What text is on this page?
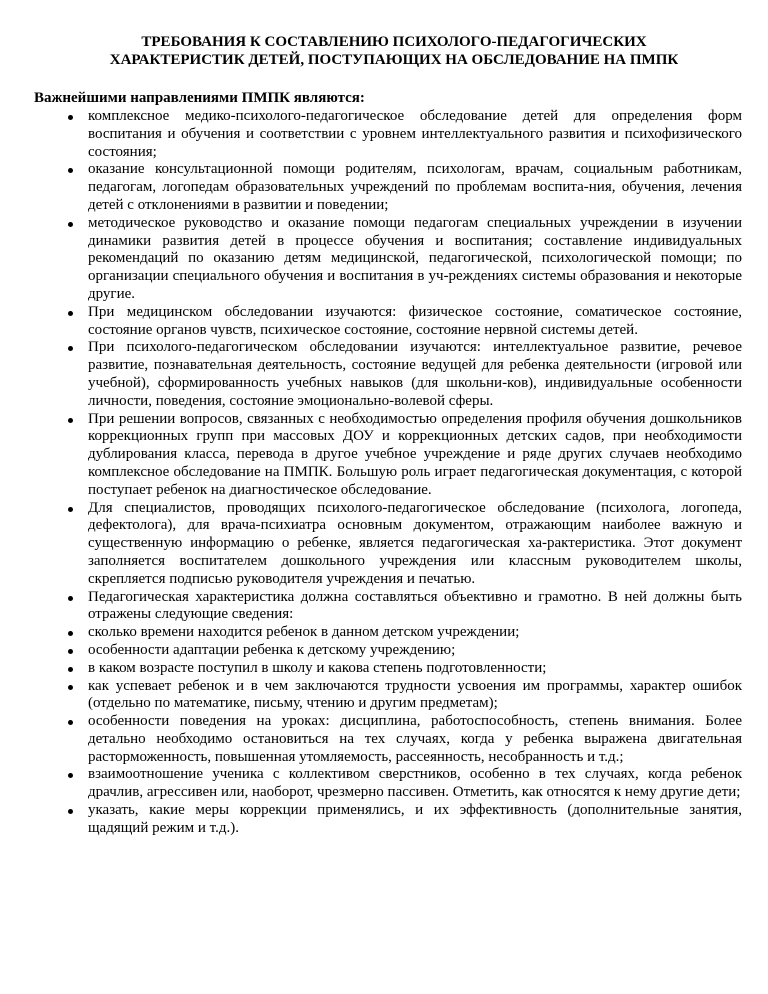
ТРЕБОВАНИЯ К СОСТАВЛЕНИЮ ПСИХОЛОГО-ПЕДАГОГИЧЕСКИХ
ХАРАКТЕРИСТИК ДЕТЕЙ, ПОСТУПАЮЩИХ НА ОБСЛЕДОВАНИЕ НА ПМПК
Важнейшими направлениями ПМПК являются:
комплексное медико-психолого-педагогическое обследование детей для определения форм воспитания и обучения и соответствии с уровнем интеллектуального развития и психофизического состояния;
оказание консультационной помощи родителям, психологам, врачам, социальным работникам, педагогам, логопедам образовательных учреждений по проблемам воспита-ния, обучения, лечения детей с отклонениями в развитии и поведении;
методическое руководство и оказание помощи педагогам специальных учреждении в изучении динамики развития детей в процессе обучения и воспитания; составление индивидуальных рекомендаций по оказанию детям медицинской, педагогической, психологической помощи; по организации специального обучения и воспитания в уч-реждениях системы образования и некоторые другие.
При медицинском обследовании изучаются: физическое состояние, соматическое состояние, состояние органов чувств, психическое состояние, состояние нервной системы детей.
При психолого-педагогическом обследовании изучаются: интеллектуальное развитие, речевое развитие, познавательная деятельность, состояние ведущей для ребенка деятельности (игровой или учебной), сформированность учебных навыков (для школьни-ков), индивидуальные особенности личности, поведения, состояние эмоционально-волевой сферы.
При решении вопросов, связанных с необходимостью определения профиля обучения дошкольников коррекционных групп при массовых ДОУ и коррекционных детских садов, при необходимости дублирования класса, перевода в другое учебное учреждение и ряде других случаев необходимо комплексное обследование на ПМПК. Большую роль играет педагогическая документация, с которой поступает ребенок на диагностическое обследование.
Для специалистов, проводящих психолого-педагогическое обследование (психолога, логопеда, дефектолога), для врача-психиатра основным документом, отражающим наиболее важную и существенную информацию о ребенке, является педагогическая ха-рактеристика. Этот документ заполняется воспитателем дошкольного учреждения или классным руководителем школы, скрепляется подписью руководителя учреждения и печатью.
Педагогическая характеристика должна составляться объективно и грамотно. В ней должны быть отражены следующие сведения:
сколько времени находится ребенок в данном детском учреждении;
особенности адаптации ребенка к детскому учреждению;
в каком возрасте поступил в школу и какова степень подготовленности;
как успевает ребенок и в чем заключаются трудности усвоения им программы, характер ошибок (отдельно по математике, письму, чтению и другим предметам);
особенности поведения на уроках: дисциплина, работоспособность, степень внимания. Более детально необходимо остановиться на тех случаях, когда у ребенка выражена двигательная расторможенность, повышенная утомляемость, рассеянность, несобранность и т.д.;
взаимоотношение ученика с коллективом сверстников, особенно в тех случаях, когда ребенок драчлив, агрессивен или, наоборот, чрезмерно пассивен. Отметить, как относятся к нему другие дети;
указать, какие меры коррекции применялись, и их эффективность (дополнительные занятия, щадящий режим и т.д.).
